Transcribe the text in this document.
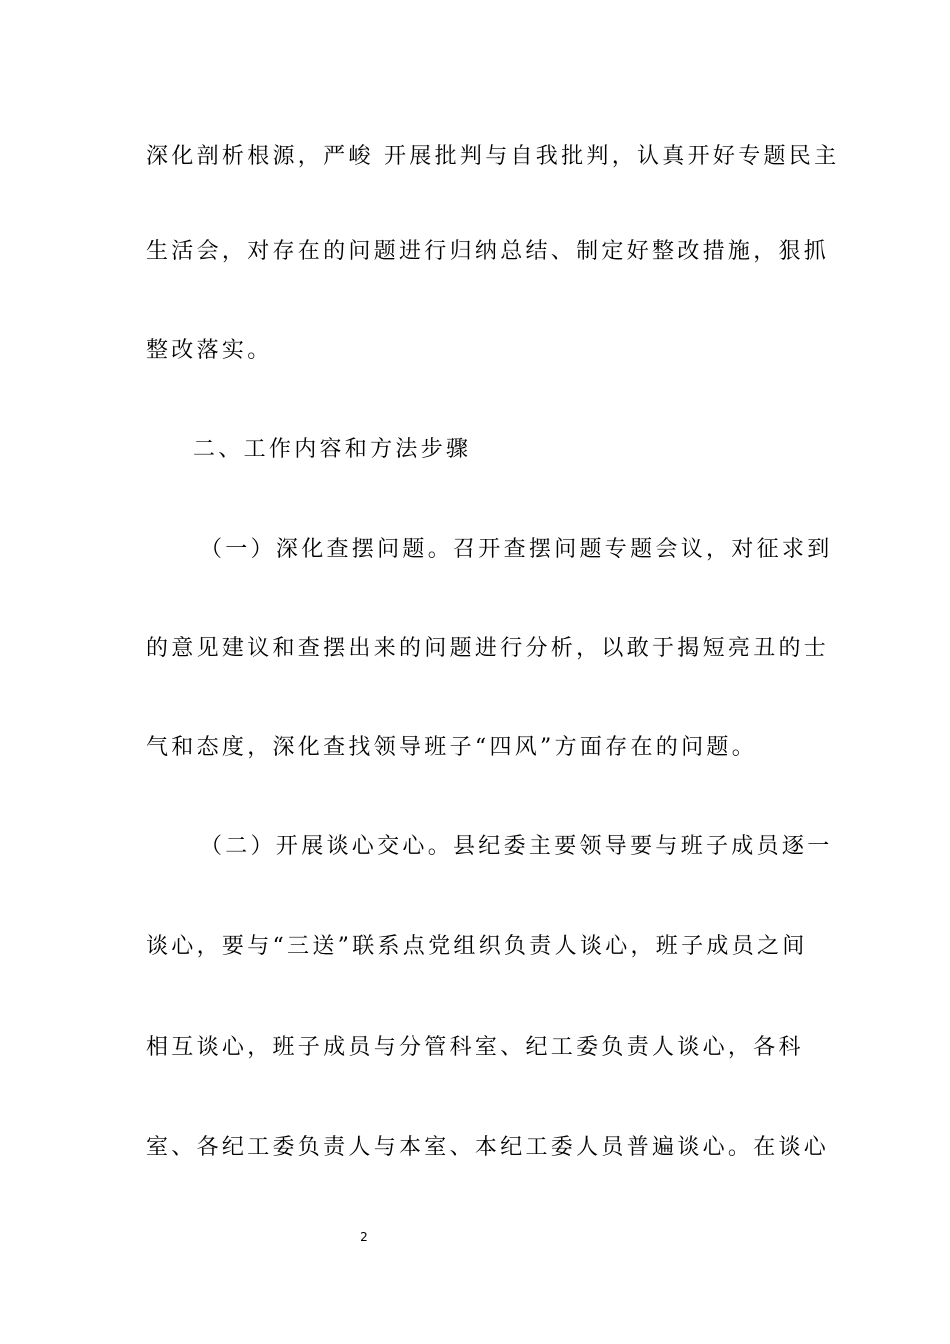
深化剖析根源，严峻 开展批判与自我批判，认真开好专题民主
生活会，对存在的问题进行归纳总结、制定好整改措施，狠抓
整改落实。
二、工作内容和方法步骤
（一）深化查摆问题。召开查摆问题专题会议，对征求到
的意见建议和查摆出来的问题进行分析，以敢于揭短亮丑的士
气和态度，深化查找领导班子“四风”方面存在的问题。
（二）开展谈心交心。县纪委主要领导要与班子成员逐一
谈心，要与“三送”联系点党组织负责人谈心，班子成员之间
相互谈心，班子成员与分管科室、纪工委负责人谈心，各科
室、各纪工委负责人与本室、本纪工委人员普遍谈心。在谈心
2
